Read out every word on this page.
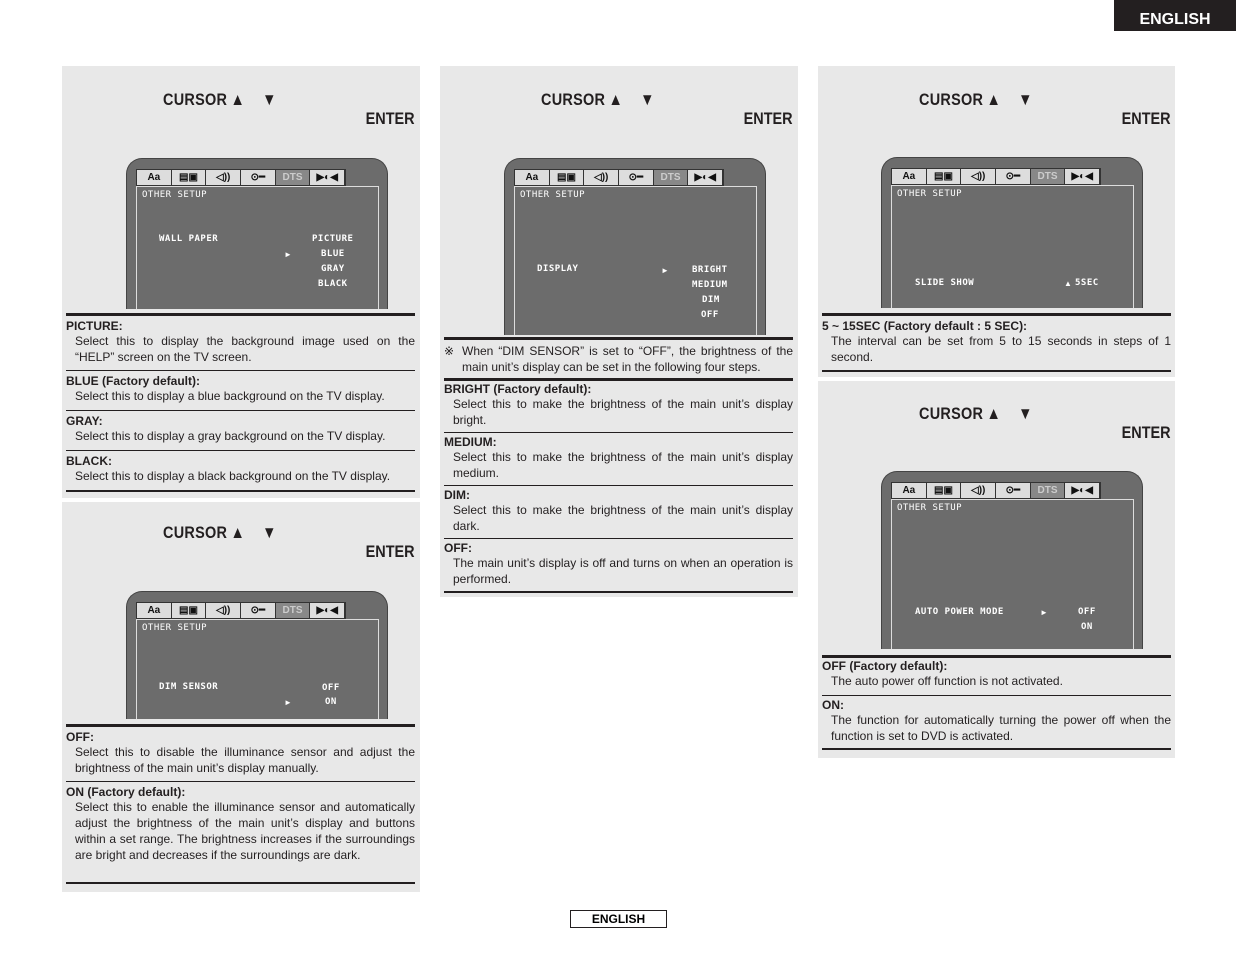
ENGLISH
CURSOR ▲ ▼
ENTER
Aa	▤▣	◁))	⊙━	DTS	▶◐◀
OTHER SETUP
WALL PAPER
►
PICTURE
BLUE
GRAY
BLACK
PICTURE:
Select this to display the background image used on the “HELP” screen on the TV screen.
BLUE (Factory default):
Select this to display a blue background on the TV display.
GRAY:
Select this to display a gray background on the TV display.
BLACK:
Select this to display a black background on the TV display.
CURSOR ▲ ▼
ENTER
Aa	▤▣	◁))	⊙━	DTS	▶◐◀
OTHER SETUP
DIM SENSOR	OFF
►	ON
OFF:
Select this to disable the illuminance sensor and adjust the brightness of the main unit’s display manually.
ON (Factory default):
Select this to enable the illuminance sensor and automatically adjust the brightness of the main unit’s display and buttons within a set range. The brightness increases if the surroundings are bright and decreases if the surroundings are dark.
CURSOR ▲ ▼
ENTER
Aa	▤▣	◁))	⊙━	DTS	▶◐◀
OTHER SETUP
DISPLAY	►	BRIGHT
MEDIUM
DIM
OFF
※ When “DIM SENSOR” is set to “OFF”, the brightness of the main unit’s display can be set in the following four steps.
BRIGHT (Factory default):
Select this to make the brightness of the main unit’s display bright.
MEDIUM:
Select this to make the brightness of the main unit’s display medium.
DIM:
Select this to make the brightness of the main unit’s display dark.
OFF:
The main unit’s display is off and turns on when an operation is performed.
CURSOR ▲ ▼
ENTER
Aa	▤▣	◁))	⊙━	DTS	▶◐◀
OTHER SETUP
SLIDE SHOW	▲ 5SEC
5 ~ 15SEC (Factory default : 5 SEC):
The interval can be set from 5 to 15 seconds in steps of 1 second.
CURSOR ▲ ▼
ENTER
Aa	▤▣	◁))	⊙━	DTS	▶◐◀
OTHER SETUP
AUTO POWER MODE	►	OFF
ON
OFF (Factory default):
The auto power off function is not activated.
ON:
The function for automatically turning the power off when the function is set to DVD is activated.
ENGLISH
